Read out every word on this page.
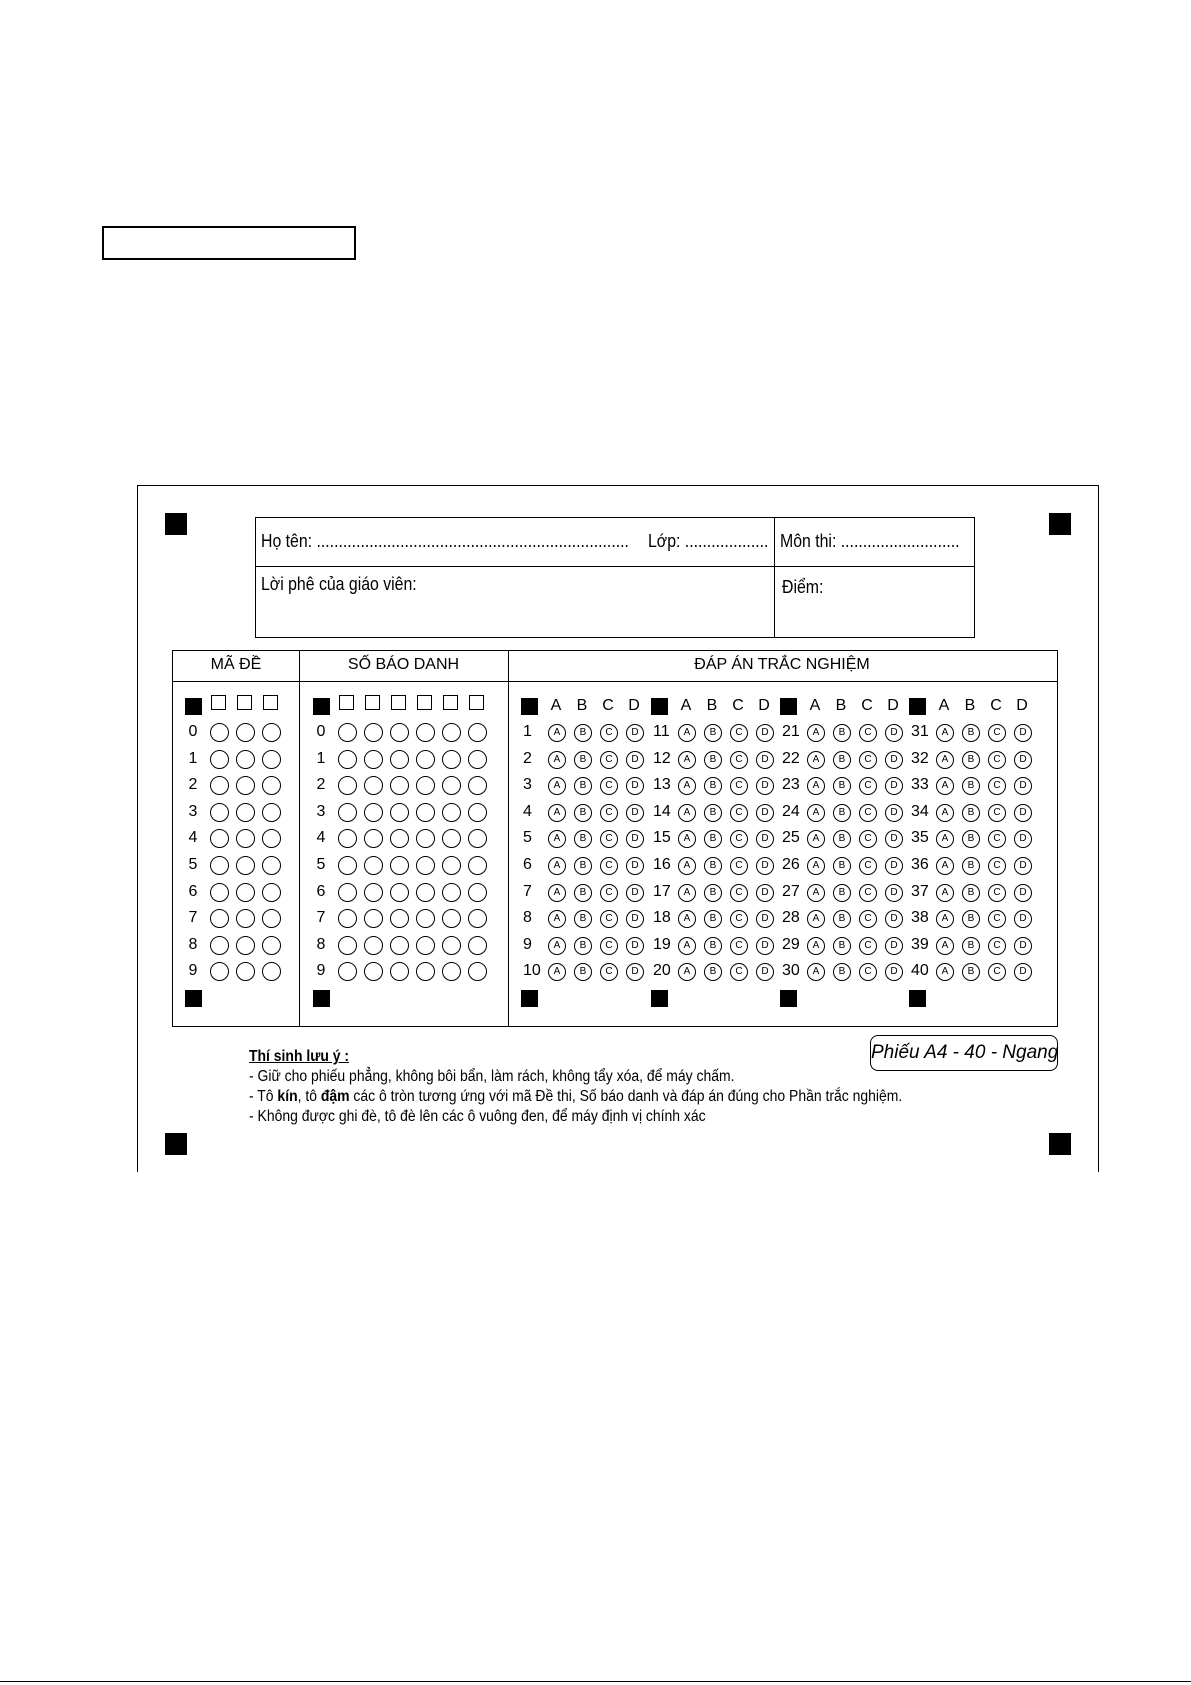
Họ tên: ....................................................................... Lớp: ................... Môn thi: ...........................
Lời phê của giáo viên:	Điểm:
MÃ ĐỀ	SỐ BÁO DANH	ĐÁP ÁN TRẮC NGHIỆM
0
1
2
3
4
5
6
7
8
9
0
1
2
3
4
5
6
7
8
9
A B C D
1	A	B	C	D
2	A	B	C	D
3	A	B	C	D
4	A	B	C	D
5	A	B	C	D
6	A	B	C	D
7	A	B	C	D
8	A	B	C	D
9	A	B	C	D
10	A	B	C	D
A B C D
11	A	B	C	D
12	A	B	C	D
13	A	B	C	D
14	A	B	C	D
15	A	B	C	D
16	A	B	C	D
17	A	B	C	D
18	A	B	C	D
19	A	B	C	D
20	A	B	C	D
A B C D
21	A	B	C	D
22	A	B	C	D
23	A	B	C	D
24	A	B	C	D
25	A	B	C	D
26	A	B	C	D
27	A	B	C	D
28	A	B	C	D
29	A	B	C	D
30	A	B	C	D
A B C D
31	A	B	C	D
32	A	B	C	D
33	A	B	C	D
34	A	B	C	D
35	A	B	C	D
36	A	B	C	D
37	A	B	C	D
38	A	B	C	D
39	A	B	C	D
40	A	B	C	D
Thí sinh lưu ý :
- Giữ cho phiếu phẳng, không bôi bẩn, làm rách, không tẩy xóa, để máy chấm.
- Tô kín, tô đậm các ô tròn tương ứng với mã Đề thi, Số báo danh và đáp án đúng cho Phần trắc nghiệm.
- Không được ghi đè, tô đè lên các ô vuông đen, để máy định vị chính xác
Phiếu A4 - 40 - Ngang
